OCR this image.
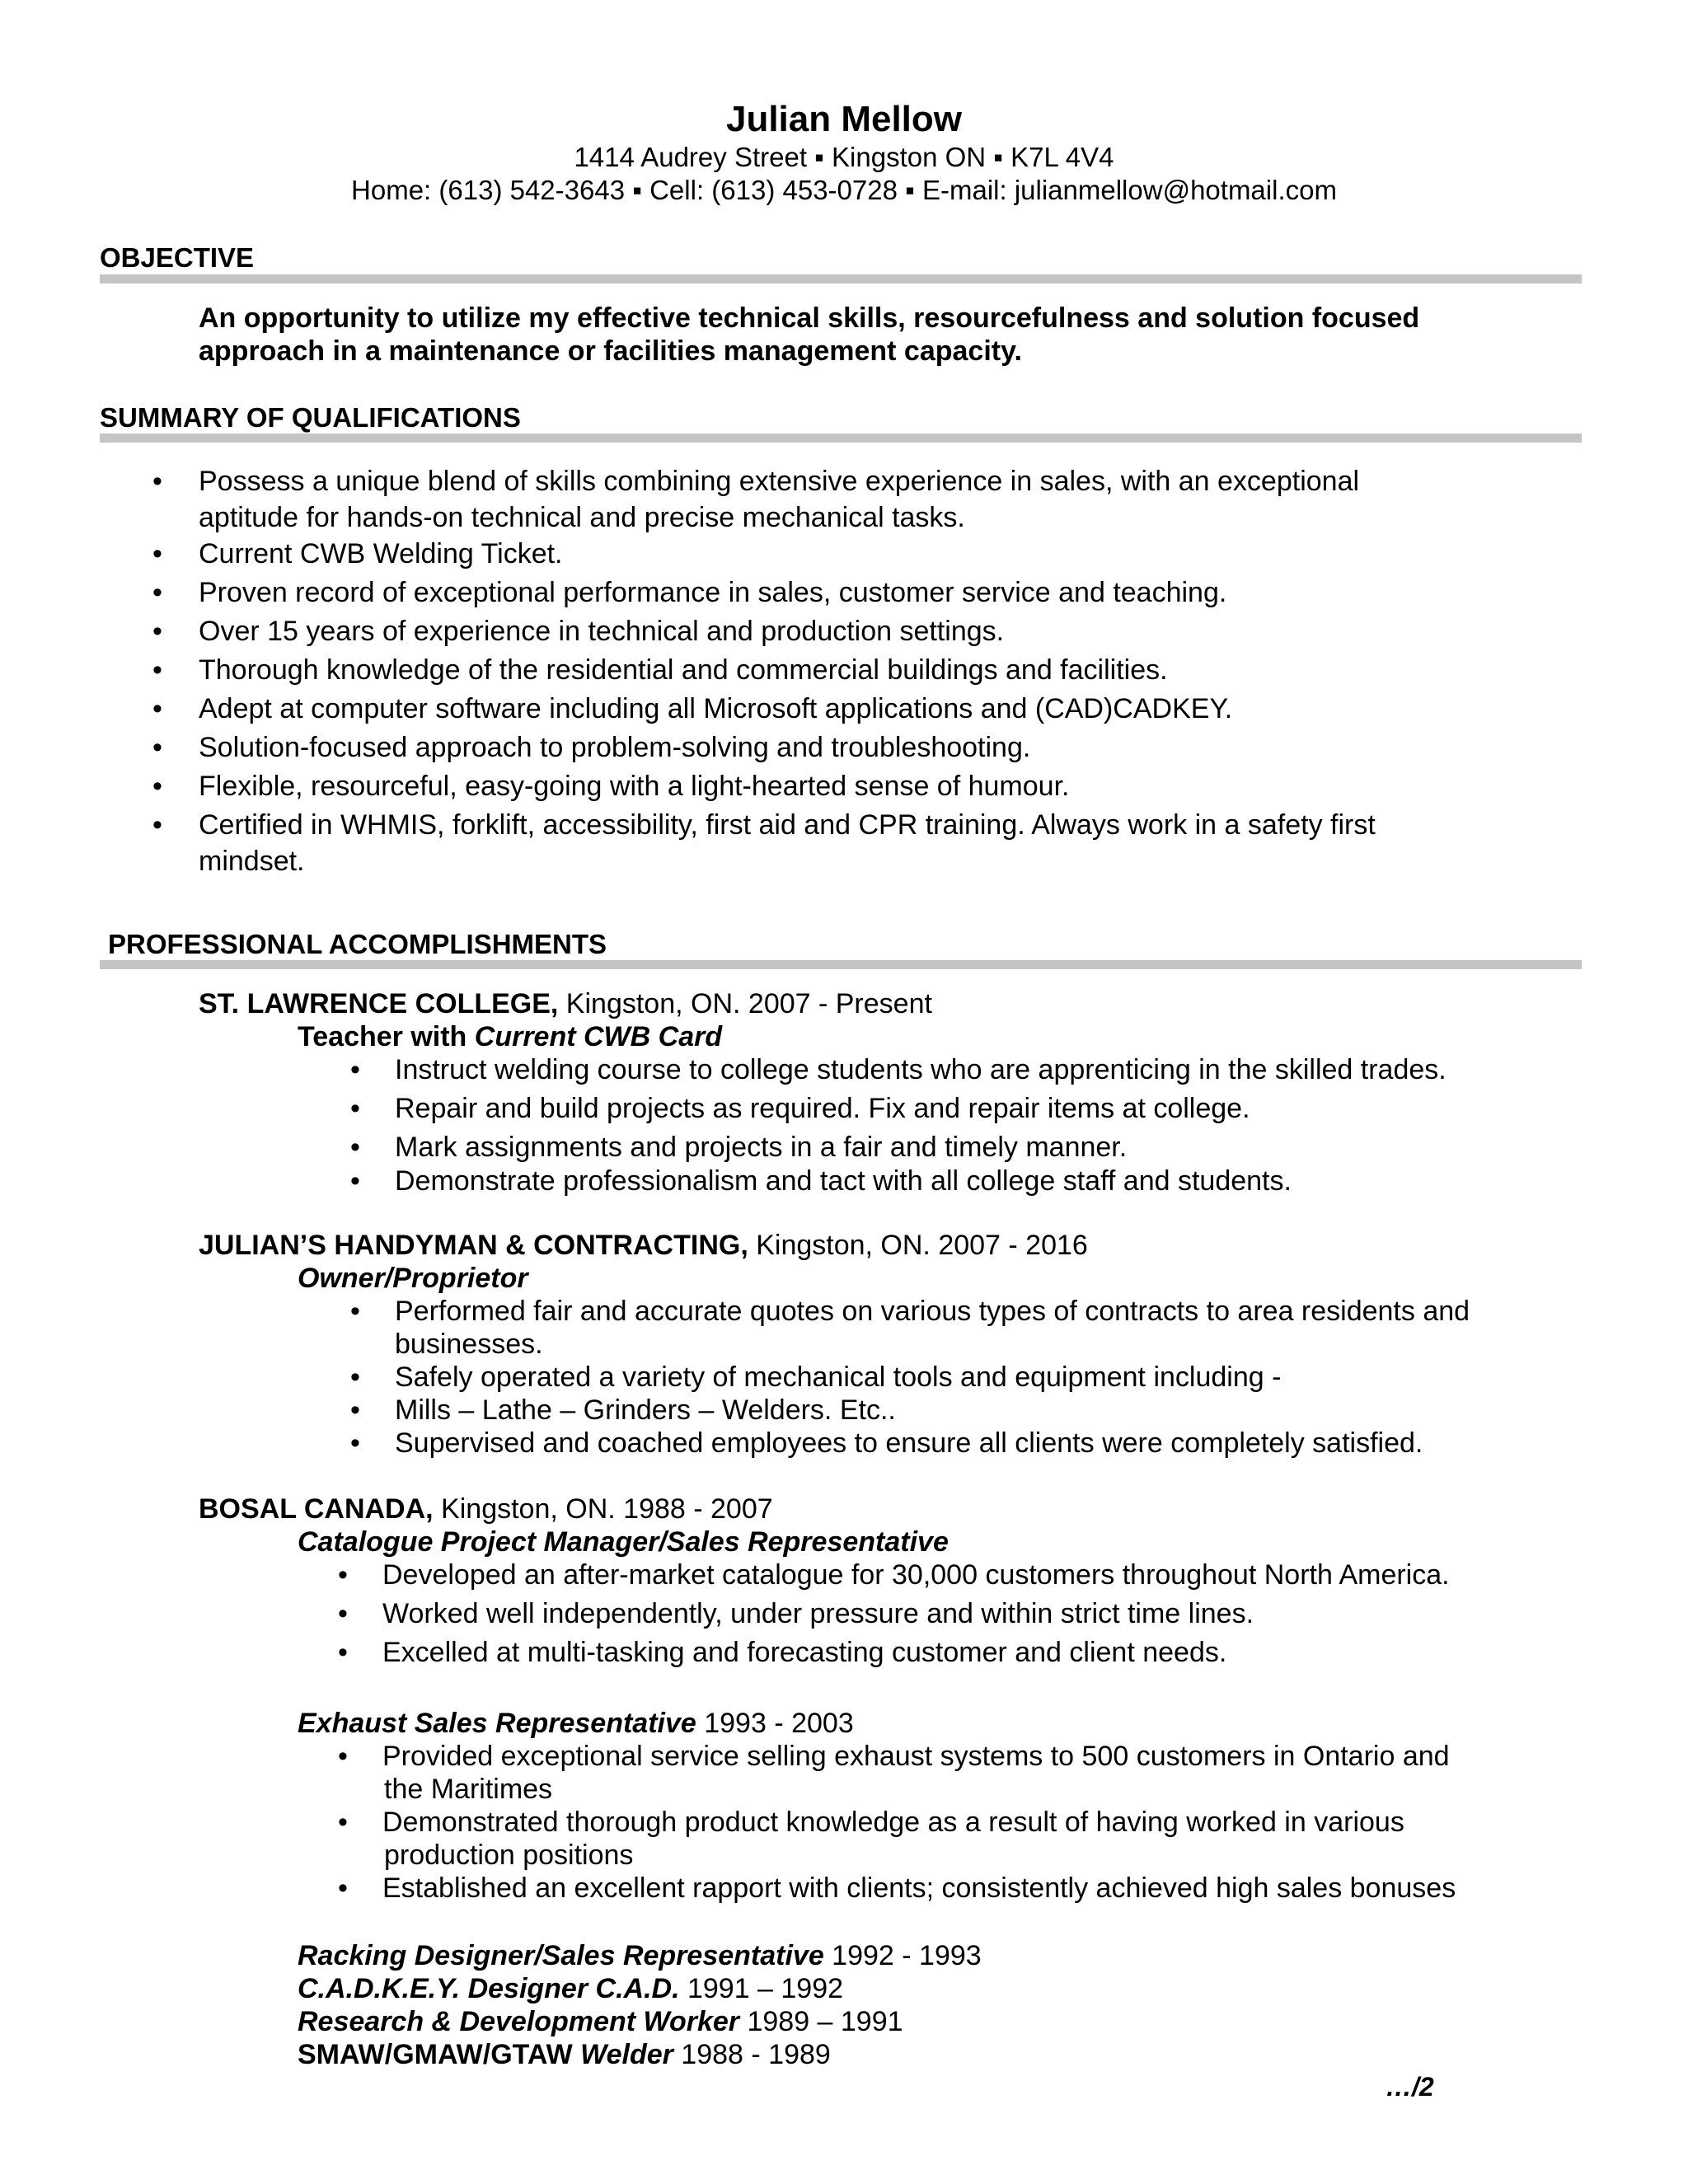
Julian Mellow
1414 Audrey Street ▪ Kingston ON ▪ K7L 4V4
Home: (613) 542-3643 ▪ Cell: (613) 453-0728 ▪ E-mail: julianmellow@hotmail.com
OBJECTIVE
An opportunity to utilize my effective technical skills, resourcefulness and solution focused
approach in a maintenance or facilities management capacity.
SUMMARY OF QUALIFICATIONS
• Possess a unique blend of skills combining extensive experience in sales, with an exceptional
aptitude for hands-on technical and precise mechanical tasks.
• Current CWB Welding Ticket.
• Proven record of exceptional performance in sales, customer service and teaching.
• Over 15 years of experience in technical and production settings.
• Thorough knowledge of the residential and commercial buildings and facilities.
• Adept at computer software including all Microsoft applications and (CAD)CADKEY.
• Solution-focused approach to problem-solving and troubleshooting.
• Flexible, resourceful, easy-going with a light-hearted sense of humour.
• Certified in WHMIS, forklift, accessibility, first aid and CPR training. Always work in a safety first
mindset.
PROFESSIONAL ACCOMPLISHMENTS
ST. LAWRENCE COLLEGE, Kingston, ON. 2007 - Present
Teacher with Current CWB Card
• Instruct welding course to college students who are apprenticing in the skilled trades.
• Repair and build projects as required. Fix and repair items at college.
• Mark assignments and projects in a fair and timely manner.
• Demonstrate professionalism and tact with all college staff and students.
JULIAN’S HANDYMAN & CONTRACTING, Kingston, ON. 2007 - 2016
Owner/Proprietor
• Performed fair and accurate quotes on various types of contracts to area residents and
businesses.
• Safely operated a variety of mechanical tools and equipment including -
• Mills – Lathe – Grinders – Welders. Etc..
• Supervised and coached employees to ensure all clients were completely satisfied.
BOSAL CANADA, Kingston, ON. 1988 - 2007
Catalogue Project Manager/Sales Representative
• Developed an after-market catalogue for 30,000 customers throughout North America.
• Worked well independently, under pressure and within strict time lines.
• Excelled at multi-tasking and forecasting customer and client needs.
Exhaust Sales Representative 1993 - 2003
• Provided exceptional service selling exhaust systems to 500 customers in Ontario and
the Maritimes
• Demonstrated thorough product knowledge as a result of having worked in various
production positions
• Established an excellent rapport with clients; consistently achieved high sales bonuses
Racking Designer/Sales Representative 1992 - 1993
C.A.D.K.E.Y. Designer C.A.D. 1991 – 1992
Research & Development Worker 1989 – 1991
SMAW/GMAW/GTAW Welder 1988 - 1989
…/2
